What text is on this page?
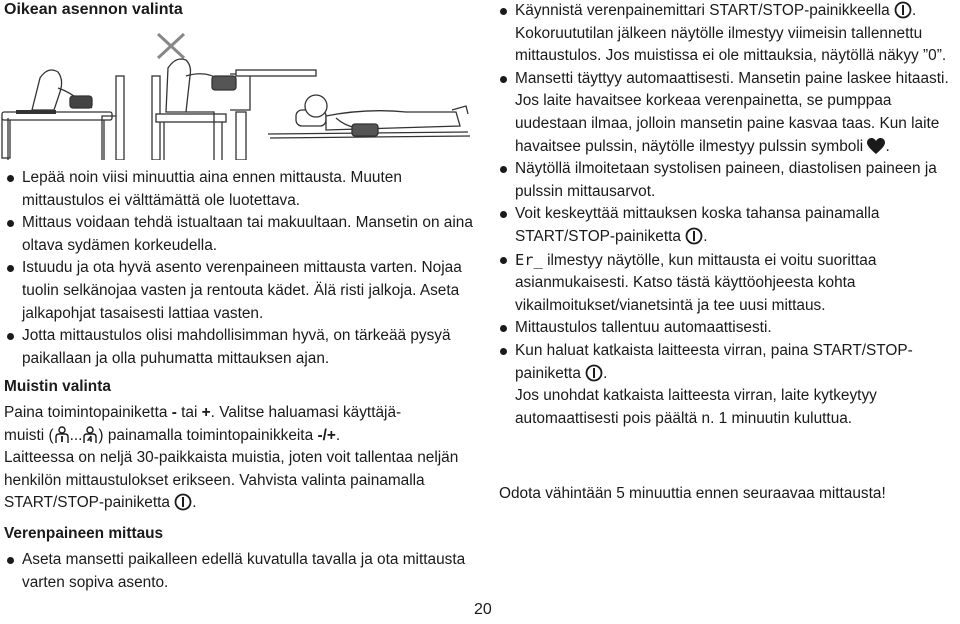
Oikean asennon valinta
Lepää noin viisi minuuttia aina ennen mittausta. Muuten mittaustulos ei välttämättä ole luotettava.
Mittaus voidaan tehdä istualtaan tai makuultaan. Mansetin on aina oltava sydämen korkeudella.
Istuudu ja ota hyvä asento verenpaineen mittausta varten. Nojaa tuolin selkänojaa vasten ja rentouta kädet. Älä risti jalkoja. Aseta jalkapohjat tasaisesti lattiaa vasten.
Jotta mittaustulos olisi mahdollisimman hyvä, on tärkeää pysyä paikallaan ja olla puhumatta mittauksen ajan.
Muistin valinta
Paina toimintopainiketta - tai +. Valitse haluamasi käyttäjä-
muisti ( ... ) painamalla toimintopainikkeita -/+.
Laitteessa on neljä 30-paikkaista muistia, joten voit tallentaa neljän henkilön mittaustulokset erikseen. Vahvista valinta painamalla START/STOP-painiketta .
Verenpaineen mittaus
Aseta mansetti paikalleen edellä kuvatulla tavalla ja ota mittausta varten sopiva asento.
Käynnistä verenpainemittari START/STOP-painikkeella . Kokoruututilan jälkeen näytölle ilmestyy viimeisin tallennettu mittaustulos. Jos muistissa ei ole mittauksia, näytöllä näkyy ”0”.
Mansetti täyttyy automaattisesti. Mansetin paine laskee hitaasti. Jos laite havaitsee korkeaa verenpainetta, se pumppaa uudestaan ilmaa, jolloin mansetin paine kasvaa taas. Kun laite havaitsee pulssin, näytölle ilmestyy pulssin symboli .
Näytöllä ilmoitetaan systolisen paineen, diastolisen paineen ja pulssin mittausarvot.
Voit keskeyttää mittauksen koska tahansa painamalla START/STOP-painiketta .
Er_ ilmestyy näytölle, kun mittausta ei voitu suorittaa asianmukaisesti. Katso tästä käyttöohjeesta kohta vikailmoitukset/vianetsintä ja tee uusi mittaus.
Mittaustulos tallentuu automaattisesti.
Kun haluat katkaista laitteesta virran, paina START/STOP-painiketta .
Jos unohdat katkaista laitteesta virran, laite kytkeytyy automaattisesti pois päältä n. 1 minuutin kuluttua.
Odota vähintään 5 minuuttia ennen seuraavaa mittausta!
20
